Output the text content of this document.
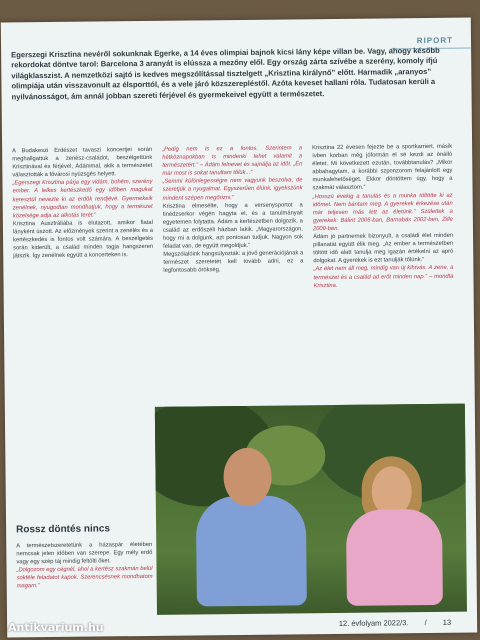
RIPORT
Egerszegi Krisztina nevéről sokunknak Egerke, a 14 éves olimpiai bajnok kicsi lány képe villan be. Vagy, ahogy később rekordokat döntve tarol: Barcelona 3 aranyát is elússza a mezőny elől. Egy ország zárta szívébe a szerény, komoly ifjú világklasszist. A nemzetközi sajtó is kedves megszólítással tisztelgett „Krisztina királynő” előtt. Harmadik „aranyos” olimpiája után visszavonult az élsporttól, és a vele járó közszerepléstől. Azóta keveset hallani róla. Tudatosan kerüli a nyilvánosságot, ám annál jobban szereti férjével és gyermekeivel együtt a természetet.

A Budakeszi Erdészet tavaszi koncertjei során meghallgattuk a zenész-családot, beszélgettünk Krisztinával és férjével, Ádámmal, akik a természetet választották a fővárosi nyüzsgés helyett.

„Egerszegi Krisztina párja egy vidám, bohém, szerény ember. A lelkes kertészkedő egy időben magukat keresztül nevezte ki az erdők rendjévé. Gyermekeik zenélnek, nyugodtan mondhatjuk, hogy a természet közelsége adja az alkotás terét.”

Krisztina Ausztráliába is elutazott, amikor fiatal lányként úszott. Az előzmények szerint a zenélés és a kertészkedés is fontos volt számára. A beszélgetés során kiderült, a család minden tagja hangszeren játszik. Így zenélnek együtt a koncerteken is.

„Pedig nem is ez a fontos. Szerintem a hétköznapokban is mindenki tehet valamit a természetért.” – Ádám felnevet és sajnálja az időt. „Én már most is sokat tanultam tőlük...”

„Semmi különlegességre nem vagyunk beszolva, de szeretjük a nyugalmat. Egyszerűen élünk, igyekszünk mindent szépen megőrizni.”

Krisztina elmesélte, hogy a versenysportot a tinédzserkor végén hagyta el, és a tanulmányait egyetemen folytatta. Ádám a kertészetben dolgozik, a család az erdőszéli házban lakik. „Magyarországon, hogy mi a dolgunk, azt pontosan tudjuk. Nagyon sok feladat van, de együtt megoldjuk.”

Megszólalóink hangsúlyozták: a jövő generációjának a természet szeretetét kell tovább adni, ez a legfontosabb örökség.

Krisztina 22 évesen fejezte be a sportkarriert, másik ívben korban még jóformán el sé kezdi az önálló életet. Mi következett ezután, továbbtanulás? „Mikor abbahagytam, a korábbi szponzorom felajánlott egy munkalehetőséget. Ekkor döntöttem úgy, hogy a szakmát választom.”

„Hosszú évekig a tanulás és a munka töltötte ki az időmet. Nem bántam meg. A gyerekek érkezése után már teljesen más lett az életünk.” Születtek a gyerekek: Bálint 2006-ban, Barnabás 2002-ben, Zille 2009-ben.

Ádám jó partnernek bizonyult, a családi élet minden pillanatát együtt élik meg. „Az ember a természetben töltött idő alatt tanulja meg igazán értékelni az apró dolgokat. A gyerekek is ezt tanulják tőlünk.”

„Az élet nem áll meg, mindig van új kihívás. A zene, a természet és a család ad erőt minden nap.” – mondta Krisztina.

Rossz döntés nincs

A természetszeretetünk a házaspár életében nemcsak jelen időben van szerepe. Egy mély erdő vagy egy szép táj mindig feltölti őket.

„Dolgozom egy cégnél, ahol a kertész szakmán belül sokféle feladatot kapok. Szerencsésnek mondhatom magam.”

12. évfolyam 2022/3. / 13
Antikvarium.hu
